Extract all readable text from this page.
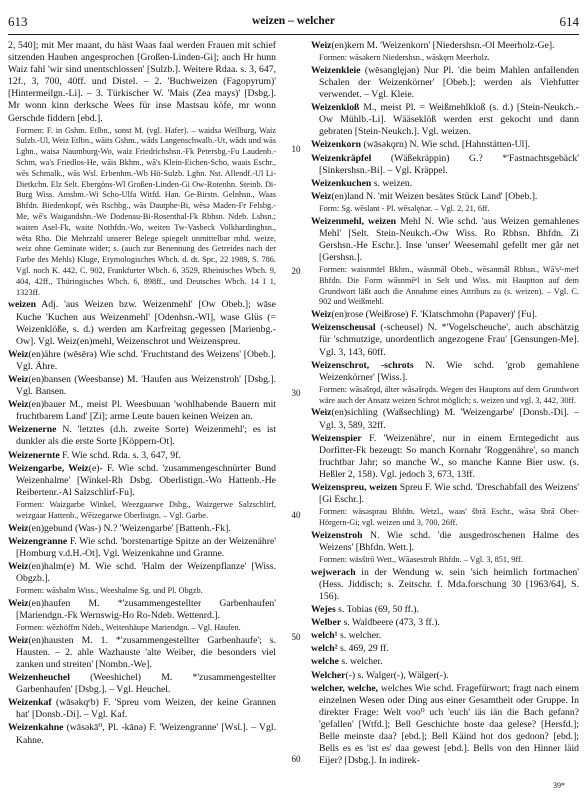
613	weizen – welcher	614

2, 540]; mit Mer maant, du häst Waas faal werden Frauen mit schief sitzenden Hauben angesprochen [Großen-Linden-Gi]; auch Hr hunn Waiz fahl 'wir sind unentschlossen' [Sulzb.]. Weitere Rdaa. s. 3, 647, 12f., 3, 700, 40ff. und Distel. – 2. 'Buchweizen (Fagopyrum)' [Hintermeilgn.-Li]. – 3. Türkischer W. 'Mais (Zea mays)' [Dsbg.]. Mr wonn kinn derksche Wees für inse Mastsau köfe, mr wonn Gerschde fiddern [ebd.].

Formen: F. in Gshm. Etlbn., sonst M. (vgl. Hafer). – waidsə Weilburg, Waiz Sulzb.-Ul, Weiz Etlbn., wāits Gshm., wāds Langenschwalb.-Ut, wāds und wās Lghn., waisə Naumburg-Wo, waiz Friedrichshsn.-Fk Petersbg.-Fu Laudenb.-Schm, wa's Friedlos-He, wāis Bkhm., wā's Klein-Eichen-Scho, waais Eschr., wēs Schmalk., wās Wsl. Erbenhm.-Wb Hö-Sulzb. Lghn. Nst. Allendf.-Ul Li-Dietkchn. Elz Selt. Ebergöns-Wl Großen-Linden-Gi Ow-Rotenhn. Steinb. Di-Burg Wiss. Amsbm.-Wi Scho-Ulfa Witfd. Han. Ge-Birstn. Gelnhsn., Waas Bhfdn. Biedenkopf, wēs Rschbg., wās Dautphe-Bi, wēsə Maden-Fr Felsbg.-Me, wē's Waigandshn.-We Dodenau-Bi-Rosenthal-Fk Rbhsn. Ndeb. Lshsn.; waiten Asel-Fk, waite Nothfdn.-Wo, weiten Tw-Vasbeck Volkhardinghsn., wēta Rho. Die Mehrzahl unserer Belege spiegelt unmittelbar mhd. weize, weiz ohne Geminate wider; s. (auch zur Benennung des Getreides nach der Farbe des Mehls) Kluge, Etymologisches Wbch. d. dt. Spr., 22 1989, S. 786. Vgl. noch K. 442, C. 902, Frankfurter Wbch. 6, 3529, Rheinisches Wbch. 9, 404, 42ff., Thüringisches Wbch. 6, 898ff., und Deutsches Wbch. 14 I 1, 1323ff.

weizen Adj. 'aus Weizen bzw. Weizenmehl' [Ow Obeb.]; wāse Kuche 'Kuchen aus Weizenmehl' [Odenhsn.-Wl], wase Glüs (= Weizenklöße, s. d.) werden am Karfreitag gegessen [Marienbg.-Ow]. Vgl. Weiz(en)mehl, Weizenschrot und Weizenspreu.

Weiz(en)ähre (wēsērə) Wie schd. 'Fruchtstand des Weizens' [Obeb.]. Vgl. Ähre.

Weiz(en)bansen (Weesbanse) M. 'Haufen aus Weizenstroh' [Dsbg.]. Vgl. Bansen.

Weiz(en)bauer M., meist Pl. Weesbuuan 'wohlhabende Bauern mit fruchtbarem Land' [Zi]; arme Leute bauen keinen Weizen an.

Weizenerne N. 'letztes (d.h. zweite Sorte) Weizenmehl'; es ist dunkler als die erste Sorte [Köppern-Ot].

Weizenernte F. Wie schd. Rda. s. 3, 647, 9f.

Weizengarbe, Weiz(e)- F. Wie schd. 'zusammengeschnürter Bund Weizenhalme' [Winkel-Rh Dsbg. Oberlistign.-Wo Hattenb.-He Reibertenr.-Al Salzschlirf-Fu].

Formen: Waizgarbe Winkel, Weezgaarwe Dsbg., Waizgerwe Salzschlirf, weizgaar Hattenb., Wēizegarwe Oberlistgn. – Vgl. Garbe.

Weiz(en)gebund (Was-) N.? 'Weizengarbe' [Battenh.-Fk].

Weizengranne F. Wie schd. 'borstenartige Spitze an der Weizenähre' [Homburg v.d.H.-Ot]. Vgl. Weizenkahne und Granne.

Weiz(en)halm(e) M. Wie schd. 'Halm der Weizenpflanze' [Wiss. Obgzb.].

Formen: wāshalm Wiss., Weeshalme Sg. und Pl. Obgzb.

Weiz(en)haufen M. *'zusammengestellter Garbenhaufen' [Mariendgn.-Fk Wernswig-Ho Ro-Ndeb. Wettenrd.].

Formen: wēzhöffm Ndeb., Weitenhäupe Mariendgn. – Vgl. Haufen.

Weiz(en)hausten M. 1. *'zusammengestellter Garbenhaufe'; s. Hausten. – 2. ahle Wazhauste 'alte Weiber, die besonders viel zanken und streiten' [Nombn.-We].

Weizenheuchel (Weeshichel) M. *'zusammengestellter Garbenhaufen' [Dsbg.]. – Vgl. Heuchel.

Weizenkaf (wāsəkqᵉb) F. 'Spreu vom Weizen, der keine Grannen hat' [Donsb.-Di]. – Vgl. Kaf.

Weizenkahne (wāsəkā⁰, Pl. -kānə) F. 'Weizengranne' [Wsl.]. – Vgl. Kahne.

10
20
30
40
50
60

Weiz(en)kern M. 'Weizenkorn' [Niedershsn.-Ol Meerholz-Ge].

Formen: wāsəkern Niedershsn., wāskęrn Meerholz.

Weizenkleie (wēsənglęjən) Nur Pl. 'die beim Mahlen anfallenden Schalen der Weizenkörner' [Obeb.]; werden als Viehfutter verwendet. – Vgl. Kleie.

Weizenkloß M., meist Pl. = Weißmehlkloß (s. d.) [Stein-Neukch.-Ow Mühlb.-Li]. Wääseklöß werden erst gekocht und dann gebraten [Stein-Neukch.]. Vgl. weizen.

Weizenkorn (wāsəkǫrn) N. Wie schd. [Hahnstätten-Ul].

Weizenkräpfel (Wäßekräppin) G.? *'Fastnachtsgebäck' [Sinkershsn.-Bi]. – Vgl. Kräppel.

Weizenkuchen s. weizen.

Weiz(en)land N. 'mit Weizen besätes Stück Land' [Obeb.].

Form: Sg. wēslant - Pl. wēsəlęṅər. – Vgl. 2, 21, 6ff.

Weizenmehl, weizen Mehl N. Wie schd. 'aus Weizen gemahlenes Mehl' [Selt. Stein-Neukch.-Ow Wiss. Ro Rbhsn. Bhfdn. Zi Gershsn.-He Eschr.]. Inse 'unser' Weesemahl gefellt mer går net [Gershsn.].

Formen: waisnmīel Bkhm., wāsnmāl Obeb., wēsənmāl Rbhsn., Wā's²-meᵉl Bhfdn. Die Form wāsnmēᵉl in Selt und Wiss. mit Hauptton auf dem Grundwort läßt auch die Annahme eines Attributs zu (s. weizen). – Vgl. C. 902 und Weißmehl.

Weiz(en)rose (Weißrose) F. 'Klatschmohn (Papaver)' [Fu].

Weizenscheusal (-scheusel) N. *'Vogelscheuche', auch abschätzig für 'schmutzige, unordentlich angezogene Frau' [Gensungen-Me]. Vgl. 3, 143, 60ff.

Weizenschrot, -schrots N. Wie schd. 'grob gemahlene Weizenkörner' [Wiss.].

Formen: wāsəšrǫd, älter wāsəšrǫds. Wegen des Hauptons auf dem Grundwort wäre auch der Ansatz weizen Schrot möglich; s. weizen und vgl. 3, 442, 30ff.

Weiz(en)sichling (Waßsechling) M. 'Weizengarbe' [Donsb.-Di]. – Vgl. 3, 589, 32ff.

Weizenspier F. 'Weizenähre', nur in einem Erntegedicht aus Dorfitter-Fk bezeugt: So manch Kornahr 'Roggenähre', so manch fruchtbar Jahr; so manche W., so manche Kanne Bier usw. (s. Heßler 2, 158). Vgl. jedoch 3, 673, 13ff.

Weizenspreu, weizen Spreu F. Wie schd. 'Dreschabfall des Weizens' [Gi Eschr.].

Formen: wäsəsprau Bhfdn. Wetzl., waas' šbrā Eschr., wāsə šbrā Ober-Hörgern-Gi; vgl. weizen und 3, 700, 26ff.

Weizenstroh N. Wie schd. 'die ausgedroschenen Halme des Weizens' [Bhfdn. Wett.].

Formen: wäsštrō Wett., Wāasestruh Bhfdn. – Vgl. 3, 851, 9ff.

wejwerach in der Wendung w. sein 'sich heimlich fortmachen' (Hess. Jiddisch; s. Zeitschr. f. Mda.forschung 30 [1963/64], S. 156).

Wejes s. Tobias (69, 50 ff.).

Welber s. Waldbeere (473, 3 ff.).

welch¹ s. welcher.

welch² s. 469, 29 ff.

welche s. welcher.

Welcher(-) s. Walger(-), Wälger(-).

welcher, welche, welches Wie schd. Fragefürwort; fragt nach einem einzelnen Wesen oder Ding aus einer Gesamtheit oder Gruppe. In direkter Frage: Welt voo⁰ uch 'euch' iäs iän die Bach gefann? 'gefallen' [Wtfd.]; Bell Geschichte hoste daa gelese? [Hersfd.]; Belle meinste daa? [ebd.]; Bell Käind hot dos gedoon? [ebd.]; Bells es es 'ist es' daa gewest [ebd.]. Bells von den Hinner läid Eijer? [Dsbg.]. In indirek-

39*
